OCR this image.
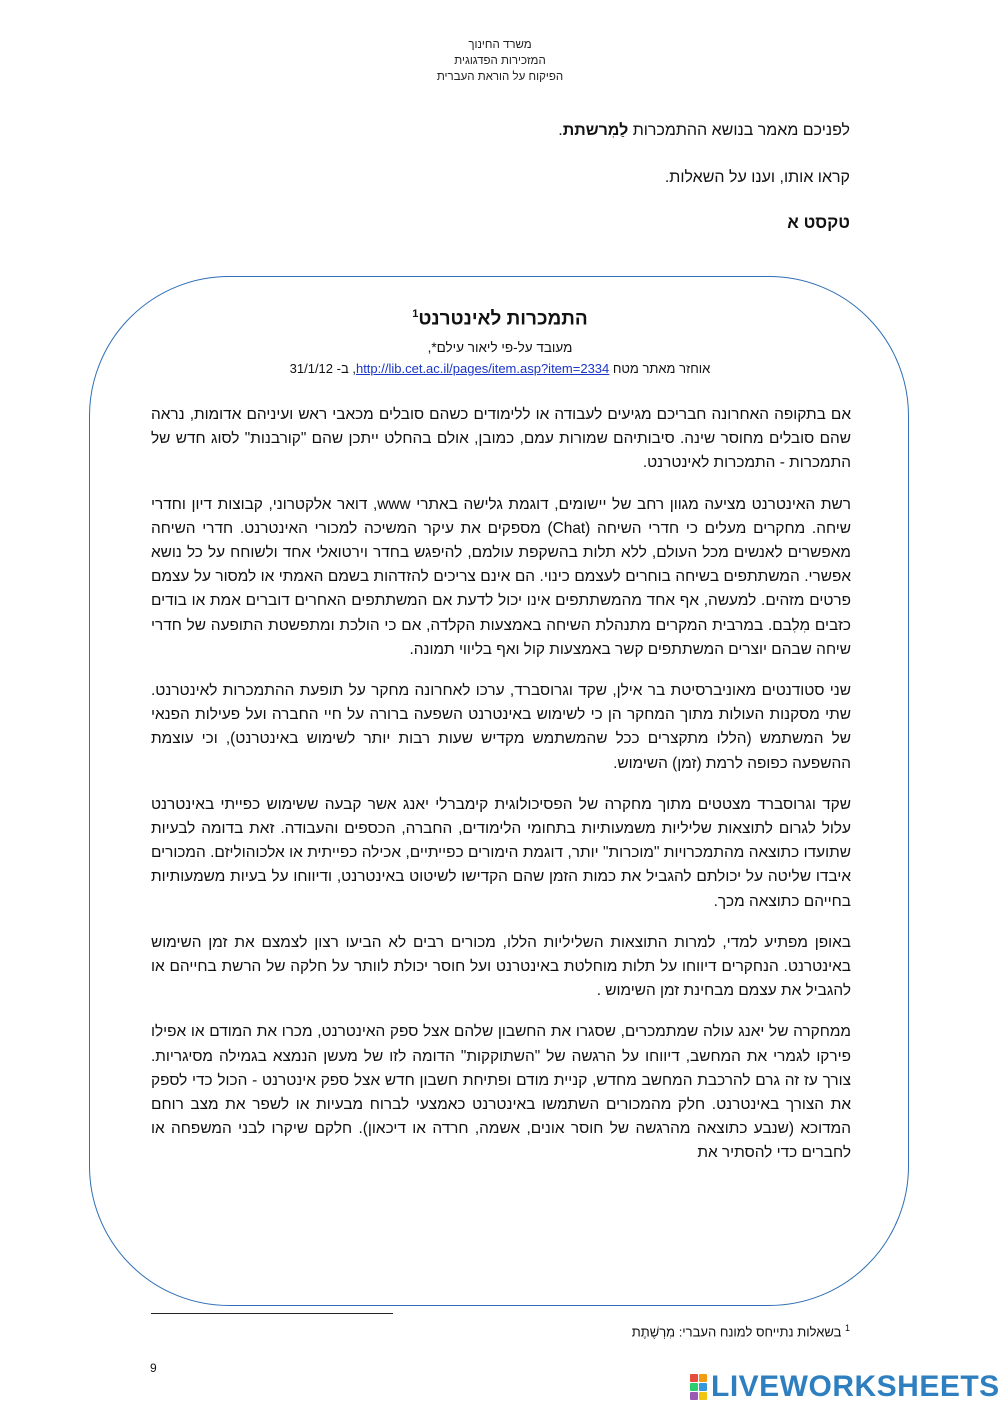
משרד החינוך
המזכירות הפדגוגית
הפיקוח על הוראת העברית
לפניכם מאמר בנושא ההתמכרות לַמִרשתת.
קראו אותו, וענו על השאלות.
טקסט א
התמכרות לאינטרנט$^1$
מעובד על-פי ליאור עילם*,
אוחזר מאתר מטח http://lib.cet.ac.il/pages/item.asp?item=2334, ב- 31/1/12

אם בתקופה האחרונה חבריכם מגיעים לעבודה או ללימודים כשהם סובלים מכאבי ראש ועיניהם אדומות, נראה שהם סובלים מחוסר שינה. סיבותיהם שמורות עמם, כמובן, אולם בהחלט ייתכן שהם "קורבנות" לסוג חדש של התמכרות - התמכרות לאינטרנט.

רשת האינטרנט מציעה מגוון רחב של יישומים, דוגמת גלישה באתרי www, דואר אלקטרוני, קבוצות דיון וחדרי שיחה. מחקרים מעלים כי חדרי השיחה (Chat) מספקים את עיקר המשיכה למכורי האינטרנט. חדרי השיחה מאפשרים לאנשים מכל העולם, ללא תלות בהשקפת עולמם, להיפגש בחדר וירטואלי אחד ולשוחח על כל נושא אפשרי. המשתתפים בשיחה בוחרים לעצמם כינוי. הם אינם צריכים להזדהות בשמם האמתי או למסור על עצמם פרטים מזהים. למעשה, אף אחד מהמשתתפים אינו יכול לדעת אם המשתתפים האחרים דוברים אמת או בודים כזבים מִלִבם. במרבית המקרים מתנהלת השיחה באמצעות הקלדה, אם כי הולכת ומתפשטת התופעה של חדרי שיחה שבהם יוצרים המשתתפים קשר באמצעות קול ואף בליווי תמונה.

שני סטודנטים מאוניברסיטת בר אילן, שקד וגרוסברד, ערכו לאחרונה מחקר על תופעת ההתמכרות לאינטרנט. שתי מסקנות העולות מתוך המחקר הן כי לשימוש באינטרנט השפעה ברורה על חיי החברה ועל פעילות הפנאי של המשתמש (הללו מתקצרים ככל שהמשתמש מקדיש שעות רבות יותר לשימוש באינטרנט), וכי עוצמת ההשפעה כפופה לרמת (זמן) השימוש.

שקד וגרוסברד מצטטים מתוך מחקרה של הפסיכולוגית קימברלי יאנג אשר קבעה ששימוש כפייתי באינטרנט עלול לגרום לתוצאות שליליות משמעותיות בתחומי הלימודים, החברה, הכספים והעבודה. זאת בדומה לבעיות שתועדו כתוצאה מהתמכרויות "מוכרות" יותר, דוגמת הימורים כפייתיים, אכילה כפייתית או אלכוהוליזם. המכורים איבדו שליטה על יכולתם להגביל את כמות הזמן שהם הקדישו לשיטוט באינטרנט, ודיווחו על בעיות משמעותיות בחייהם כתוצאה מכך.

באופן מפתיע למדי, למרות התוצאות השליליות הללו, מכורים רבים לא הביעו רצון לצמצם את זמן השימוש באינטרנט. הנחקרים דיווחו על תלות מוחלטת באינטרנט ועל חוסר יכולת לוותר על חלקה של הרשת בחייהם או להגביל את עצמם מבחינת זמן השימוש .

ממחקרה של יאנג עולה שמתמכרים, שסגרו את החשבון שלהם אצל ספק האינטרנט, מכרו את המודם או אפילו פירקו לגמרי את המחשב, דיווחו על הרגשה של "השתוקקות" הדומה לזו של מעשן הנמצא בגמילה מסיגריות. צורך עז זה גרם להרכבת המחשב מחדש, קניית מודם ופתיחת חשבון חדש אצל ספק אינטרנט - הכול כדי לספק את הצורך באינטרנט. חלק מהמכורים השתמשו באינטרנט כאמצעי לברוח מבעיות או לשפר את מצב רוחם המדוכא (שנבע כתוצאה מהרגשה של חוסר אונים, אשמה, חרדה או דיכאון). חלקם שיקרו לבני המשפחה או לחברים כדי להסתיר את

$^1$ בשאלות נתייחס למונח העברי: מִרְשֶׁתֶת
9
LIVEWORKSHEETS
